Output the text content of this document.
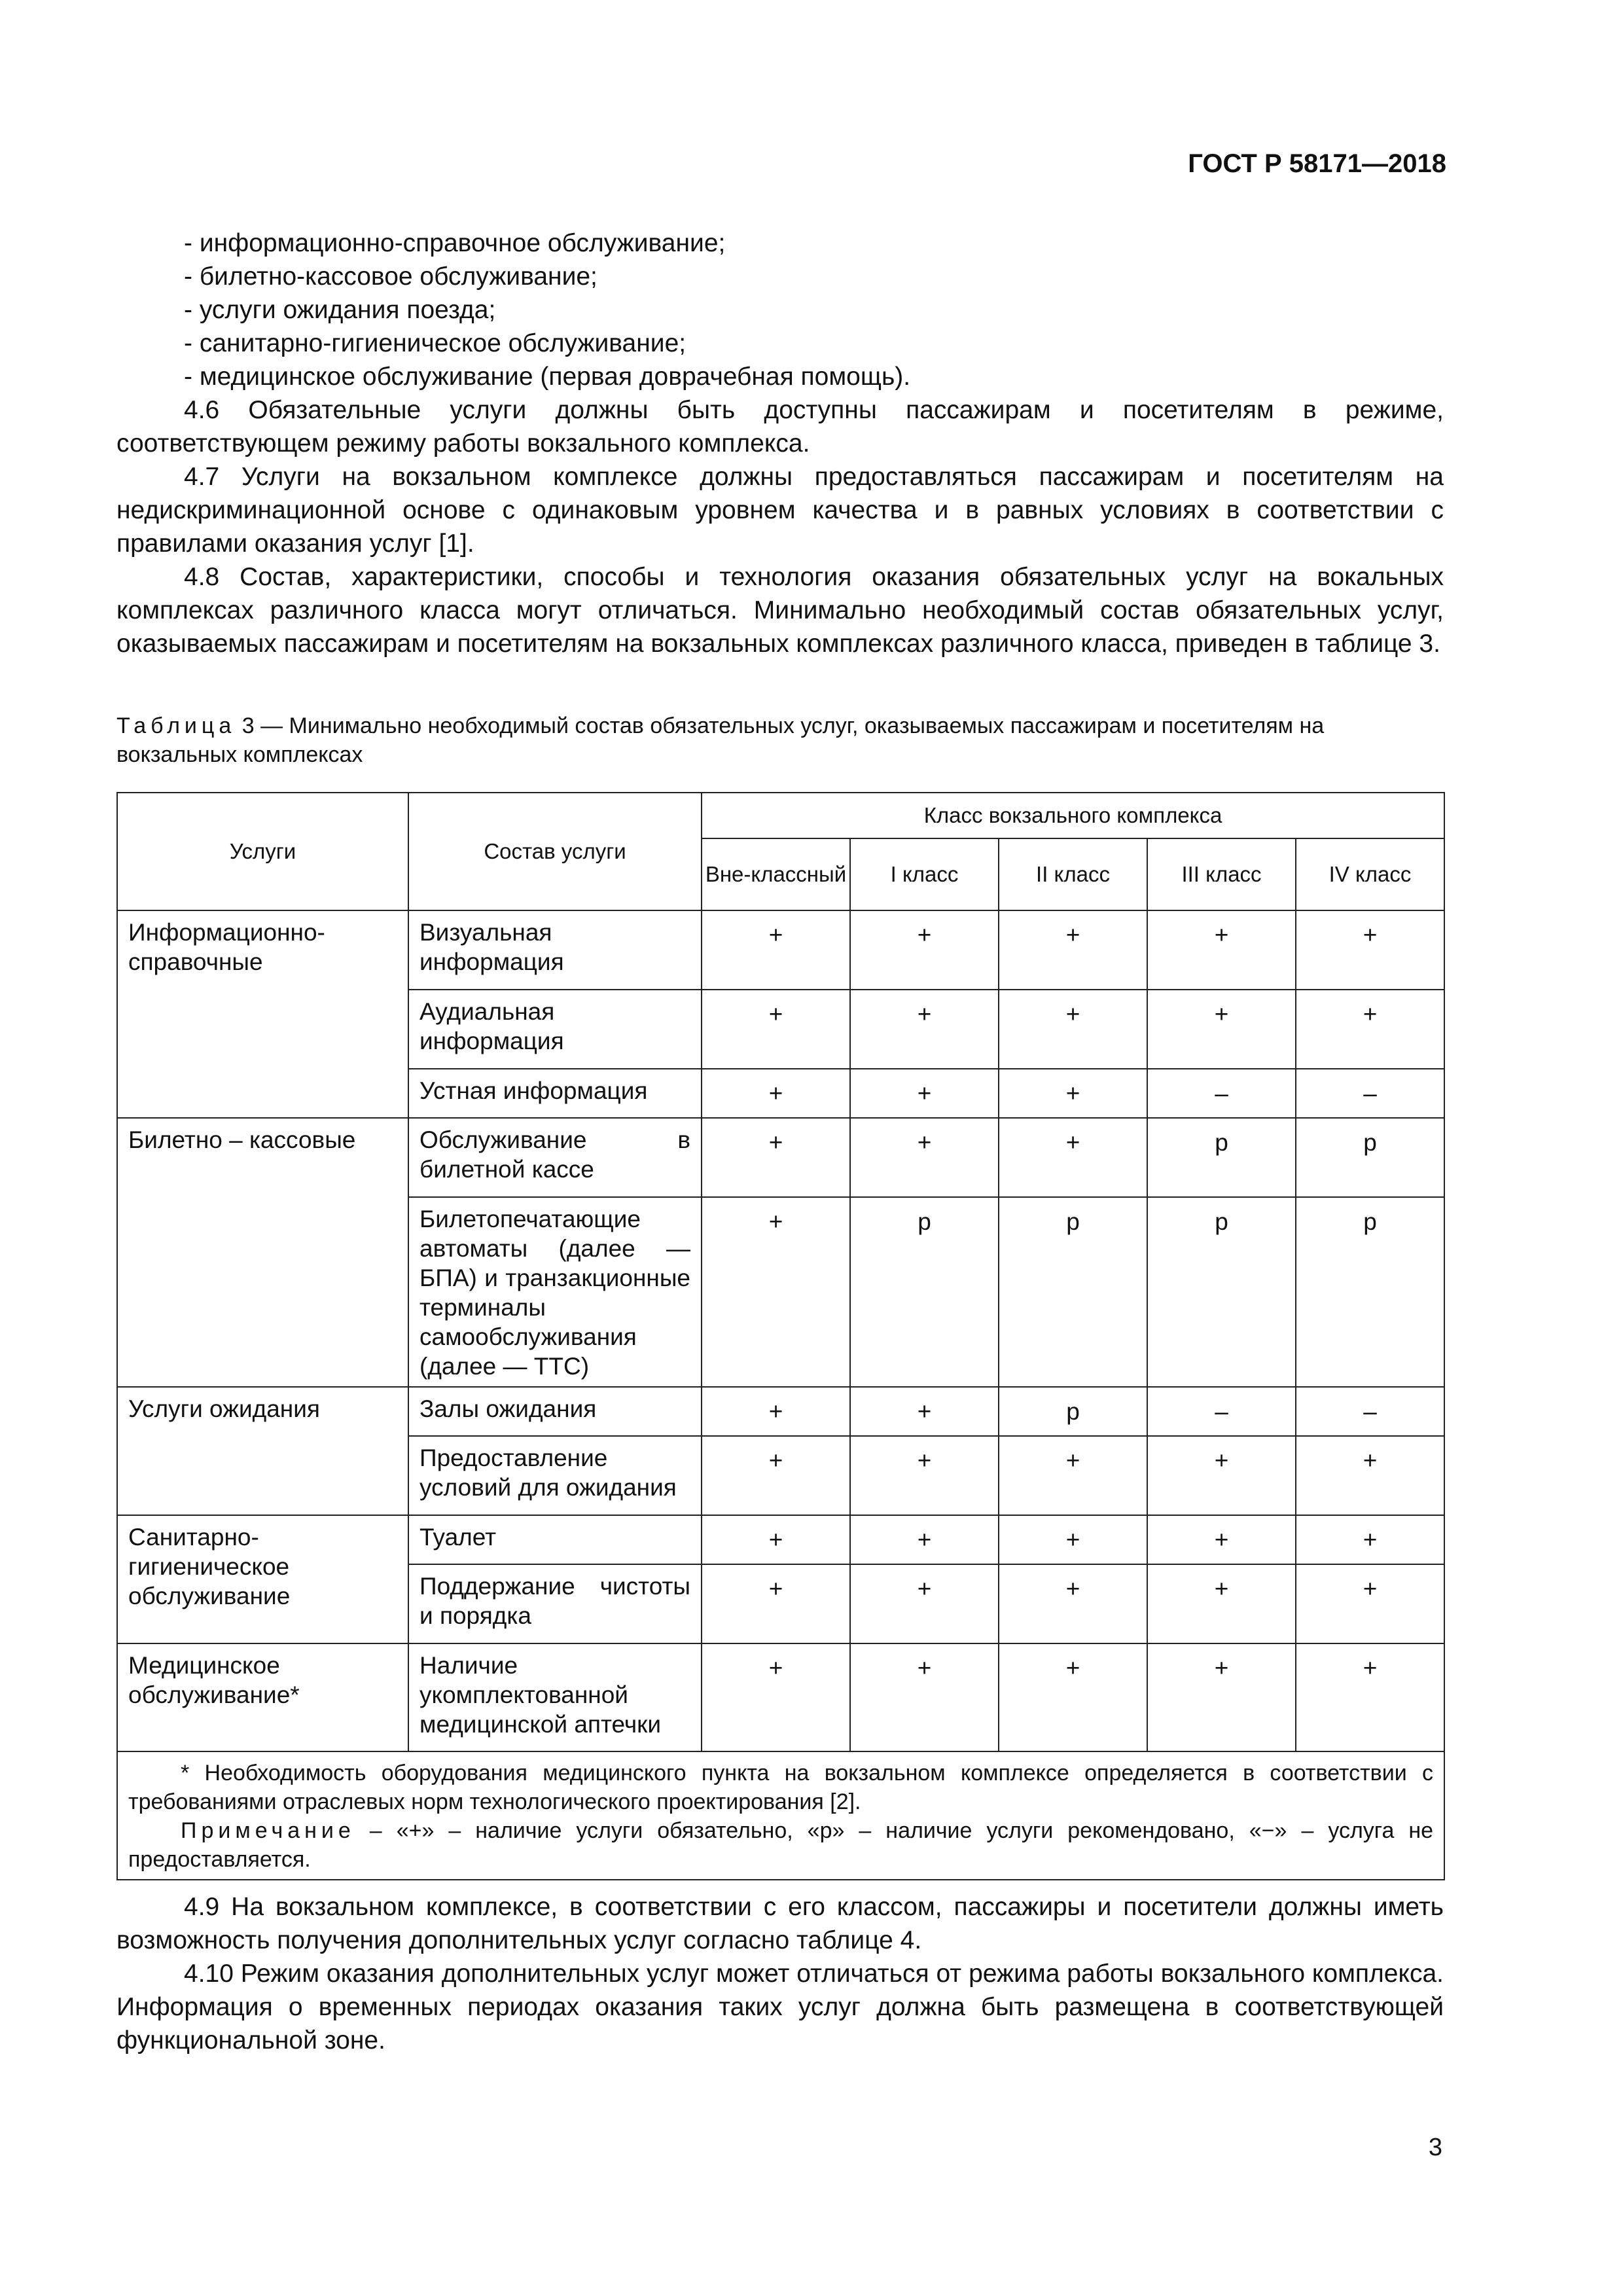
ГОСТ Р 58171—2018

- информационно-справочное обслуживание;

- билетно-кассовое обслуживание;

- услуги ожидания поезда;

- санитарно-гигиеническое обслуживание;

- медицинское обслуживание (первая доврачебная помощь).

4.6 Обязательные услуги должны быть доступны пассажирам и посетителям в режиме, соответствующем режиму работы вокзального комплекса.

4.7 Услуги на вокзальном комплексе должны предоставляться пассажирам и посетителям на недискриминационной основе с одинаковым уровнем качества и в равных условиях в соответствии с правилами оказания услуг [1].

4.8 Состав, характеристики, способы и технология оказания обязательных услуг на вокальных комплексах различного класса могут отличаться. Минимально необходимый состав обязательных услуг, оказываемых пассажирам и посетителям на вокзальных комплексах различного класса, приведен в таблице 3.

Таблица 3 — Минимально необходимый состав обязательных услуг, оказываемых пассажирам и посетителям на вокзальных комплексах
Услуги	Состав услуги	Класс вокзального комплекса				
		Вне-классный	I класс	II класс	III класс	IV класс
Информационно-справочные	Визуальная информация	+	+	+	+	+
	Аудиальная информация	+	+	+	+	+
	Устная информация	+	+	+	–	–
Билетно – кассовые	Обслуживание в билетной кассе	+	+	+	р	р
	Билетопечатающие автоматы (далее — БПА) и транзакционные терминалы самообслуживания (далее — ТТС)	+	р	р	р	р
Услуги ожидания	Залы ожидания	+	+	р	–	–
	Предоставление условий для ожидания	+	+	+	+	+
Санитарно-гигиеническое обслуживание	Туалет	+	+	+	+	+
	Поддержание чистоты и порядка	+	+	+	+	+
Медицинское обслуживание*	Наличие укомплектованной медицинской аптечки	+	+	+	+	+

* Необходимость оборудования медицинского пункта на вокзальном комплексе определяется в соответствии с требованиями отраслевых норм технологического проектирования [2].

Примечание – «+» – наличие услуги обязательно, «р» – наличие услуги рекомендовано, «−» – услуга не предоставляется.						

4.9 На вокзальном комплексе, в соответствии с его классом, пассажиры и посетители должны иметь возможность получения дополнительных услуг согласно таблице 4.

4.10 Режим оказания дополнительных услуг может отличаться от режима работы вокзального комплекса. Информация о временных периодах оказания таких услуг должна быть размещена в соответствующей функциональной зоне.

3
